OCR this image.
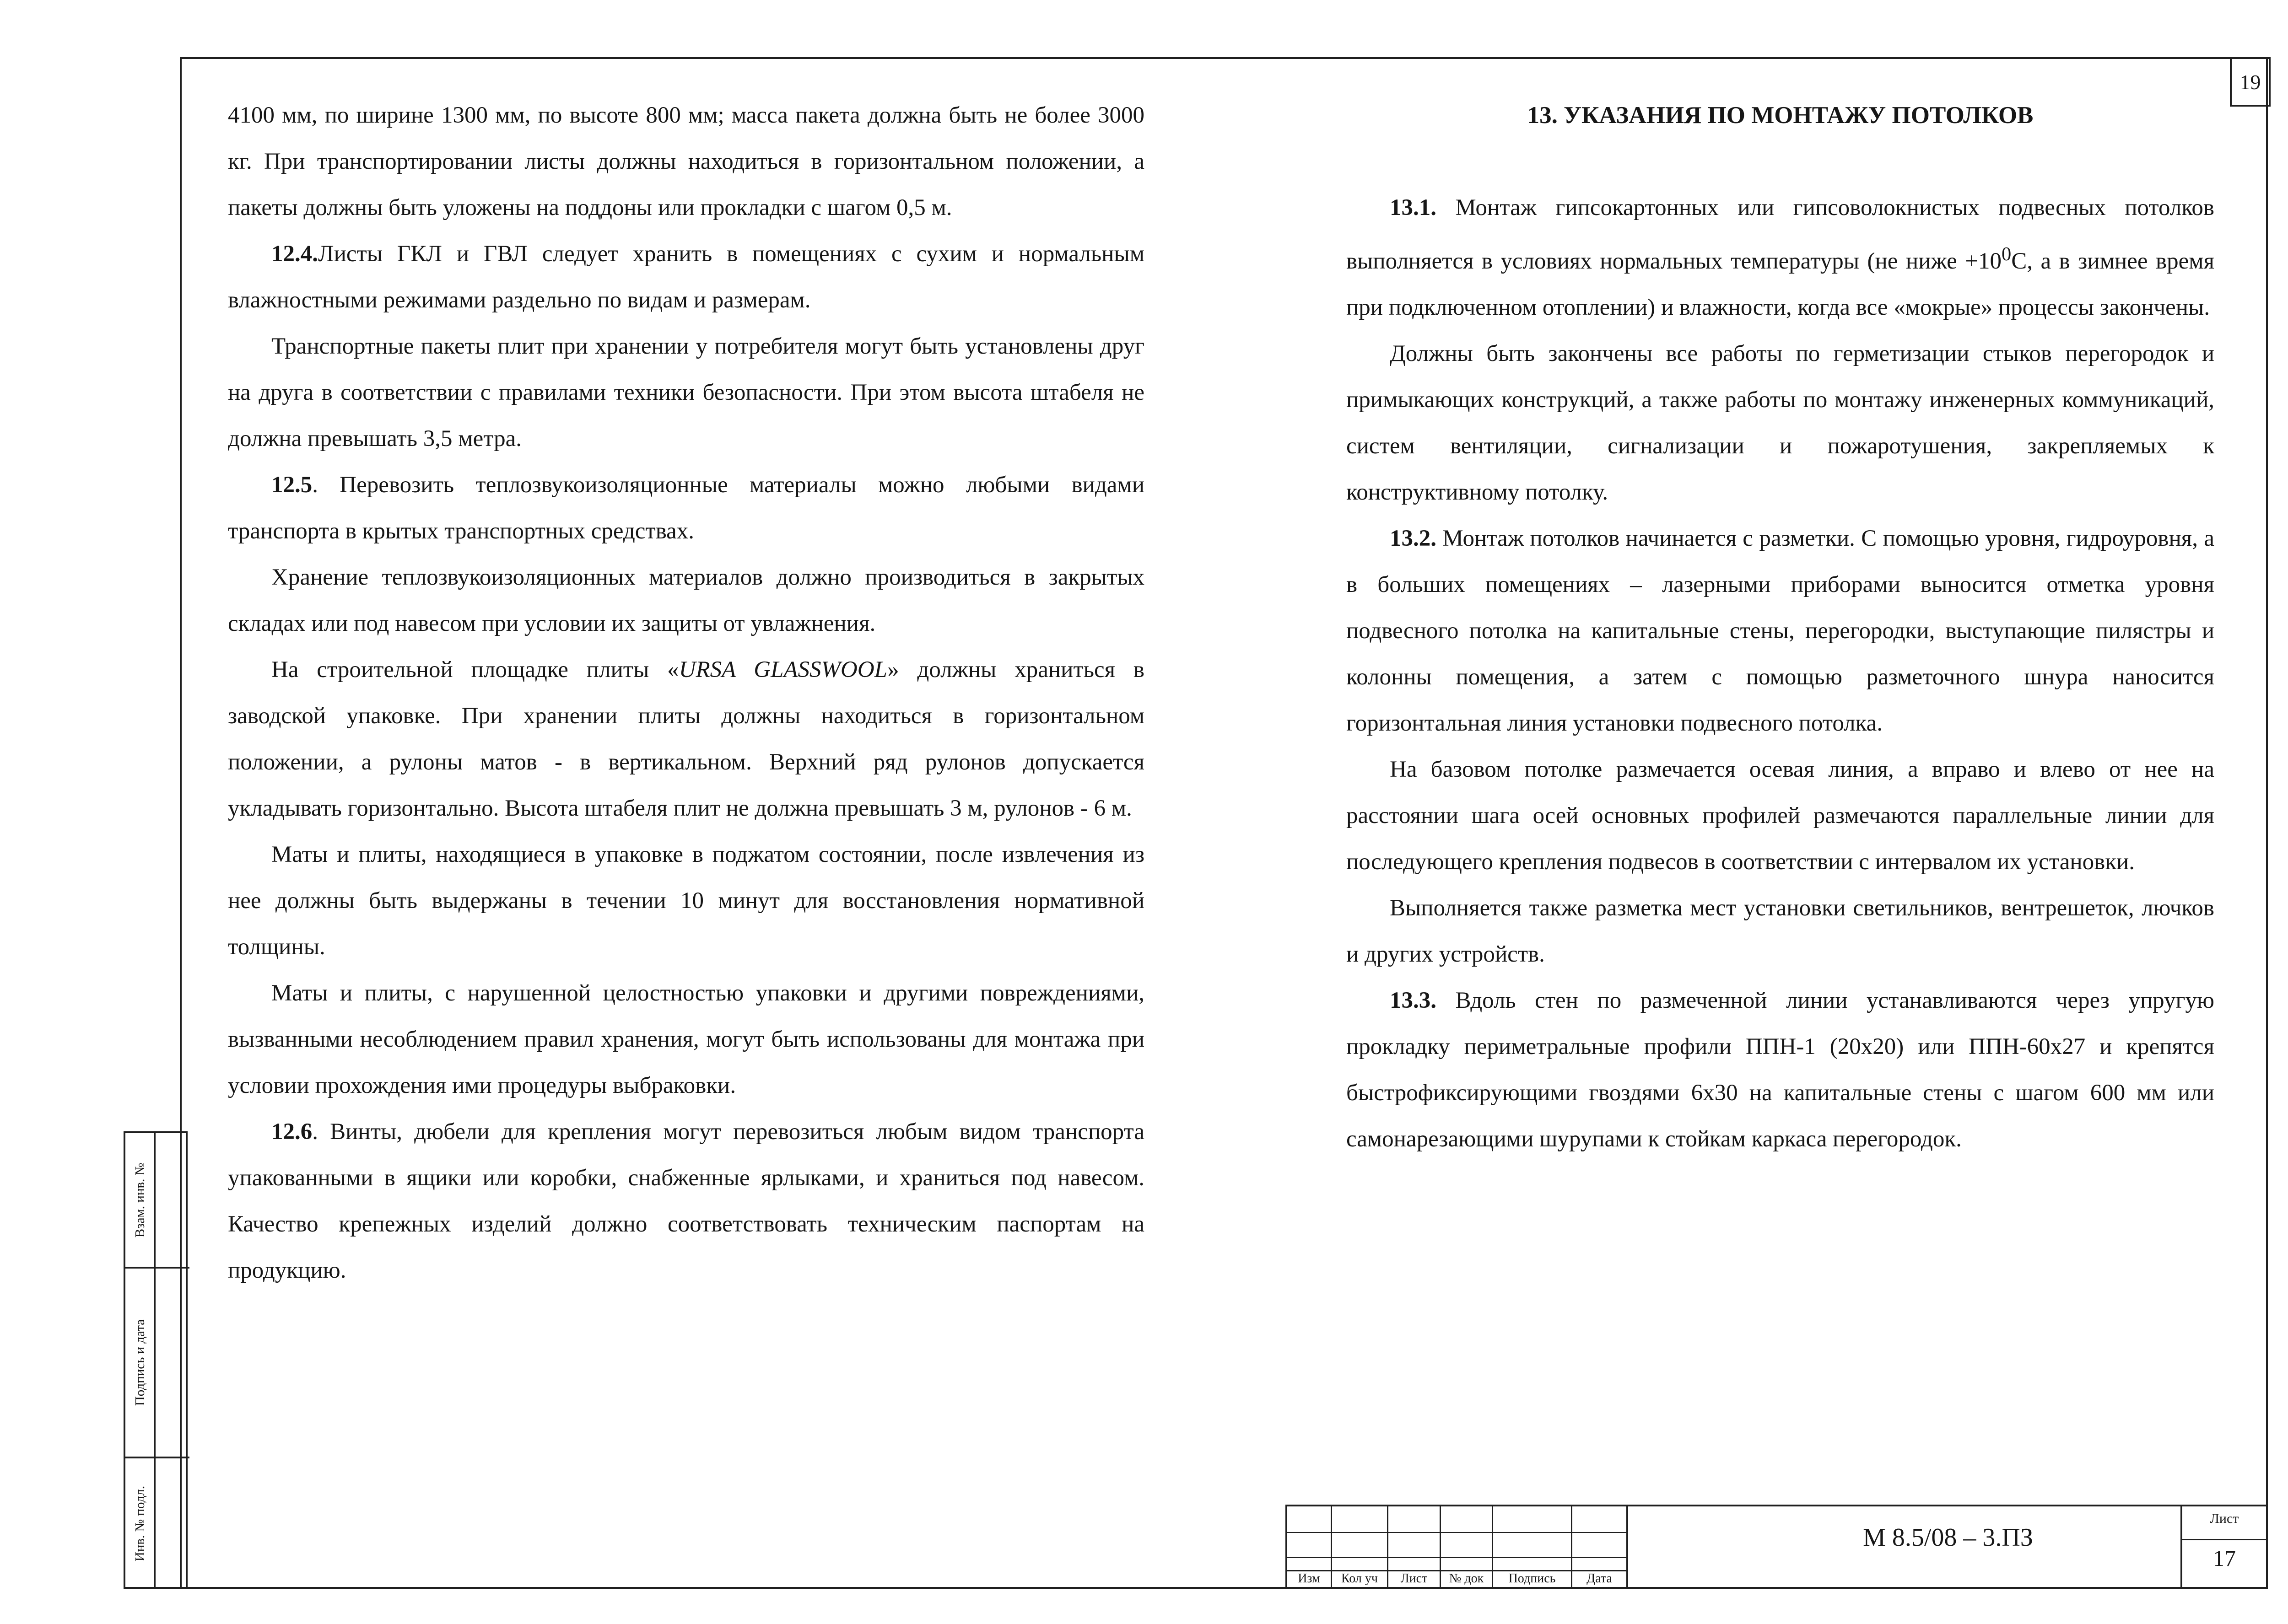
19

4100 мм, по ширине 1300 мм, по высоте 800 мм; масса пакета должна быть не более 3000 кг. При транспортировании листы должны находиться в горизонтальном положении, а пакеты должны быть уложены на поддоны или прокладки с шагом 0,5 м.

12.4.Листы ГКЛ и ГВЛ следует хранить в помещениях с сухим и нормальным влажностными режимами раздельно по видам и размерам.

Транспортные пакеты плит при хранении у потребителя могут быть установлены друг на друга в соответствии с правилами техники безопасности. При этом высота штабеля не должна превышать 3,5 метра.

12.5. Перевозить теплозвукоизоляционные материалы можно любыми видами транспорта в крытых транспортных средствах.

Хранение теплозвукоизоляционных материалов должно производиться в закрытых складах или под навесом при условии их защиты от увлажнения.

На строительной площадке плиты «URSA GLASSWOOL» должны храниться в заводской упаковке. При хранении плиты должны находиться в горизонтальном положении, а рулоны матов - в вертикальном. Верхний ряд рулонов допускается укладывать горизонтально. Высота штабеля плит не должна превышать 3 м, рулонов - 6 м.

Маты и плиты, находящиеся в упаковке в поджатом состоянии, после извлечения из нее должны быть выдержаны в течении 10 минут для восстановления нормативной толщины.

Маты и плиты, с нарушенной целостностью упаковки и другими повреждениями, вызванными несоблюдением правил хранения, могут быть использованы для монтажа при условии прохождения ими процедуры выбраковки.

12.6. Винты, дюбели для крепления могут перевозиться любым видом транспорта упакованными в ящики или коробки, снабженные ярлыками, и храниться под навесом. Качество крепежных изделий должно соответствовать техническим паспортам на продукцию.

13. УКАЗАНИЯ ПО МОНТАЖУ ПОТОЛКОВ

13.1. Монтаж гипсокартонных или гипсоволокнистых подвесных потолков выполняется в условиях нормальных температуры (не ниже $+10^0С$, а в зимнее время при подключенном отоплении) и влажности, когда все «мокрые» процессы закончены.

Должны быть закончены все работы по герметизации стыков перегородок и примыкающих конструкций, а также работы по монтажу инженерных коммуникаций, систем вентиляции, сигнализации и пожаротушения, закрепляемых к конструктивному потолку.

13.2. Монтаж потолков начинается с разметки. С помощью уровня, гидроуровня, а в больших помещениях – лазерными приборами выносится отметка уровня подвесного потолка на капитальные стены, перегородки, выступающие пилястры и колонны помещения, а затем с помощью разметочного шнура наносится горизонтальная линия установки подвесного потолка.

На базовом потолке размечается осевая линия, а вправо и влево от нее на расстоянии шага осей основных профилей размечаются параллельные линии для последующего крепления подвесов в соответствии с интервалом их установки.

Выполняется также разметка мест установки светильников, вентрешеток, лючков и других устройств.

13.3. Вдоль стен по размеченной линии устанавливаются через упругую прокладку периметральные профили ППН-1 (20х20) или ППН-60х27 и крепятся быстрофиксирующими гвоздями 6х30 на капитальные стены с шагом 600 мм или самонарезающими шурупами к стойкам каркаса перегородок.

Взам. инв. №
Подпись и дата
Инв. № подл.
Изм	Кол уч	Лист	№ док	Подпись	Дата
М 8.5/08 – 3.ПЗ
Лист
17
